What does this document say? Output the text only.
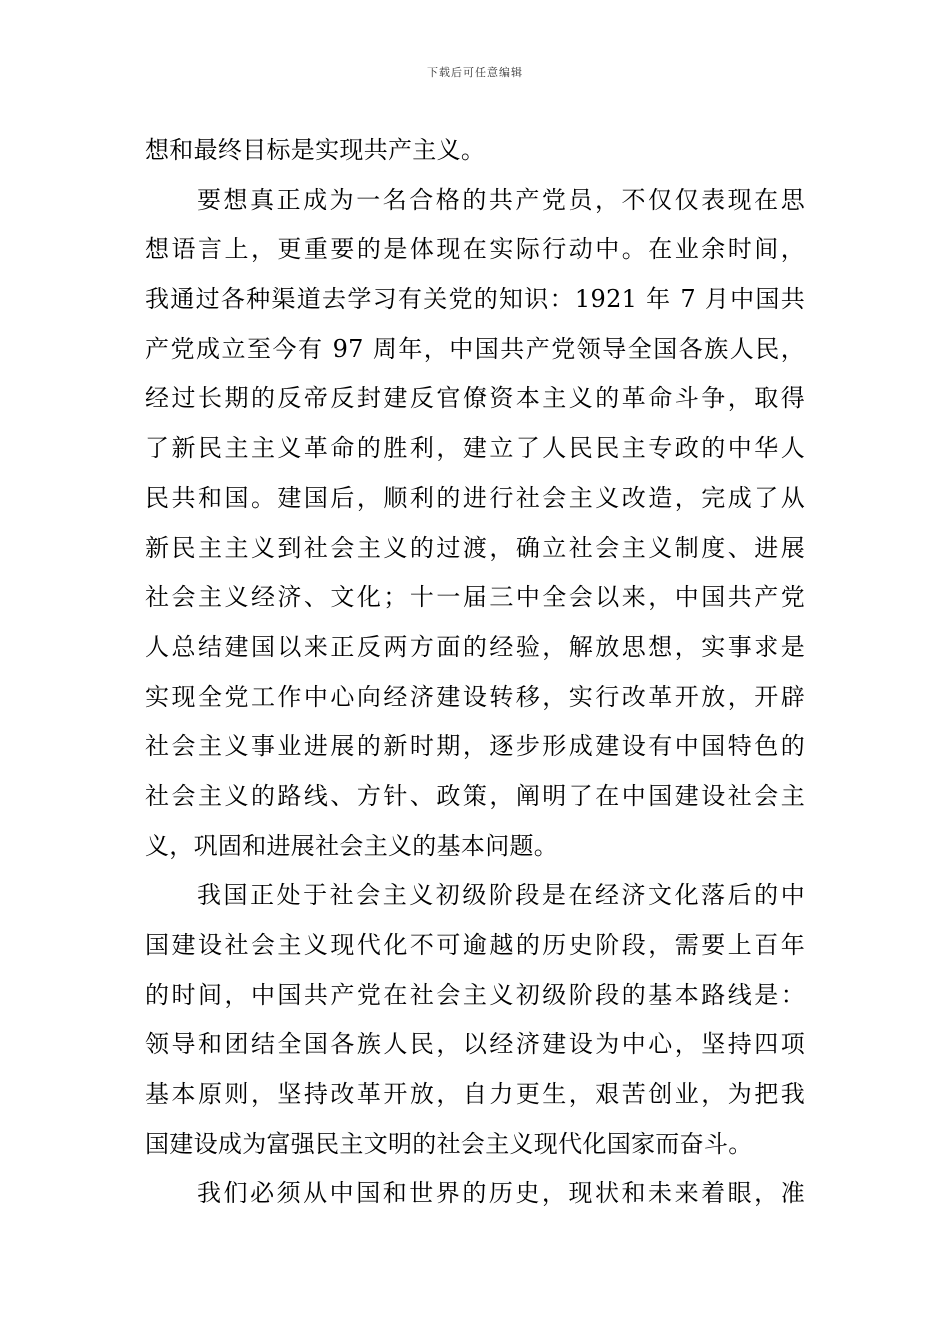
下载后可任意编辑
想和最终目标是实现共产主义。
要想真正成为一名合格的共产党员，不仅仅表现在思
想语言上，更重要的是体现在实际行动中。在业余时间，
我通过各种渠道去学习有关党的知识：1921 年 7 月中国共
产党成立至今有 97 周年，中国共产党领导全国各族人民，
经过长期的反帝反封建反官僚资本主义的革命斗争，取得
了新民主主义革命的胜利，建立了人民民主专政的中华人
民共和国。建国后，顺利的进行社会主义改造，完成了从
新民主主义到社会主义的过渡，确立社会主义制度、进展
社会主义经济、文化；十一届三中全会以来，中国共产党
人总结建国以来正反两方面的经验，解放思想，实事求是
实现全党工作中心向经济建设转移，实行改革开放，开辟
社会主义事业进展的新时期，逐步形成建设有中国特色的
社会主义的路线、方针、政策，阐明了在中国建设社会主
义，巩固和进展社会主义的基本问题。
我国正处于社会主义初级阶段是在经济文化落后的中
国建设社会主义现代化不可逾越的历史阶段，需要上百年
的时间，中国共产党在社会主义初级阶段的基本路线是：
领导和团结全国各族人民，以经济建设为中心，坚持四项
基本原则，坚持改革开放，自力更生，艰苦创业，为把我
国建设成为富强民主文明的社会主义现代化国家而奋斗。
我们必须从中国和世界的历史，现状和未来着眼，准
